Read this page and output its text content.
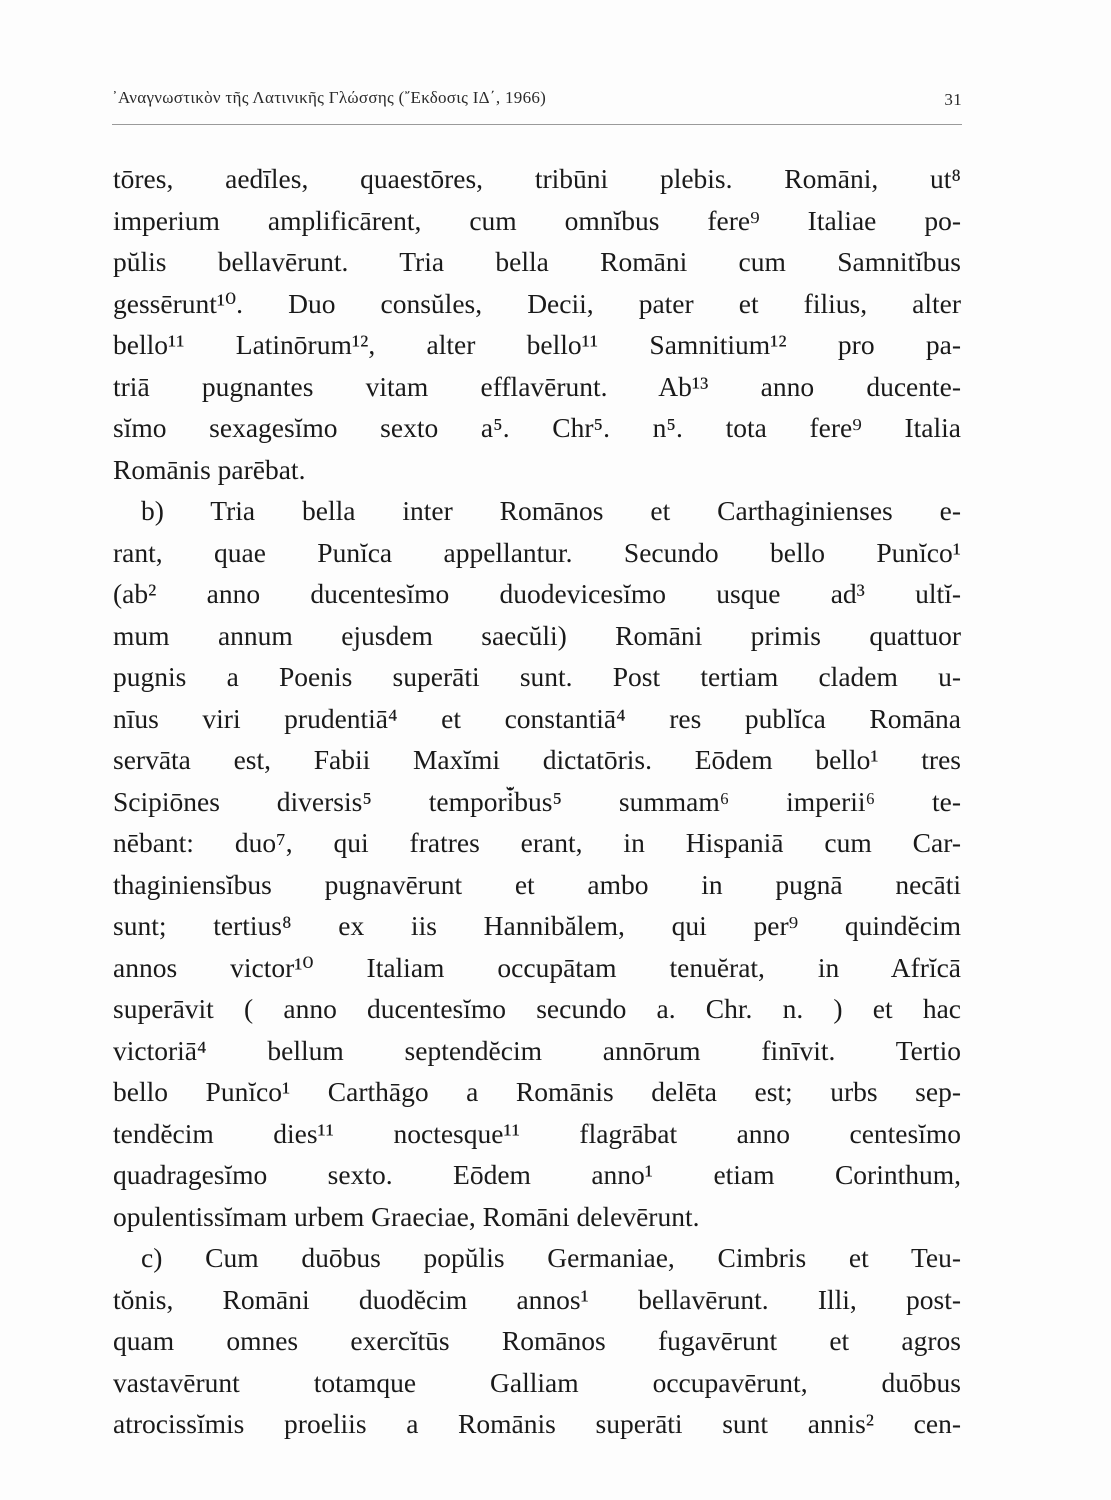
᾿Αναγνωστικὸν τῆς Λατινικῆς Γλώσσης (῎Εκδοσις ΙΔ΄, 1966)	31
tōres, aedīles, quaestōres, tribūni plebis. Romāni, ut⁸
imperium amplificārent, cum omnĭbus fere⁹ Italiae po-
pŭlis bellavērunt. Tria bella Romāni cum Samnitĭbus
gessērunt¹⁰. Duo consŭles, Decii, pater et filius, alter
bello¹¹ Latinōrum¹², alter bello¹¹ Samnitium¹² pro pa-
triā pugnantes vitam efflavērunt. Ab¹³ anno ducente-
sĭmo sexagesĭmo sexto a⁵. Chr⁵. n⁵. tota fere⁹ Italia
Romānis parēbat.
b) Tria bella inter Romānos et Carthaginienses e-
rant, quae Punĭca appellantur. Secundo bello Punĭco¹
(ab² anno ducentesĭmo duodevicesĭmo usque ad³ ultĭ-
mum annum ejusdem saecŭli) Romāni primis quattuor
pugnis a Poenis superāti sunt. Post tertiam cladem u-
nīus viri prudentiā⁴ et constantiā⁴ res publĭca Romāna
servāta est, Fabii Maxĭmi dictatōris. Eōdem bello¹ tres
Scipiōnes diversis⁵ tempori̇̆bus⁵ summam⁶ imperii⁶ te-
nēbant: duo⁷, qui fratres erant, in Hispaniā cum Car-
thaginiensĭbus pugnavērunt et ambo in pugnā necāti
sunt; tertius⁸ ex iis Hannibălem, qui per⁹ quindĕcim
annos victor¹⁰ Italiam occupātam tenuĕrat, in Afrĭcā
superāvit ( anno ducentesĭmo secundo a. Chr. n. ) et hac
victoriā⁴ bellum septendĕcim annōrum finīvit. Tertio
bello Punĭco¹ Carthāgo a Romānis delēta est; urbs sep-
tendĕcim dies¹¹ noctesque¹¹ flagrābat anno centesĭmo
quadragesĭmo sexto. Eōdem anno¹ etiam Corinthum,
opulentissĭmam urbem Graeciae, Romāni delevērunt.
c) Cum duōbus popŭlis Germaniae, Cimbris et Teu-
tŏnis, Romāni duodĕcim annos¹ bellavērunt. Illi, post-
quam omnes exercĭtūs Romānos fugavērunt et agros
vastavērunt totamque Galliam occupavērunt, duōbus
atrocissĭmis proeliis a Romānis superāti sunt annis² cen-
